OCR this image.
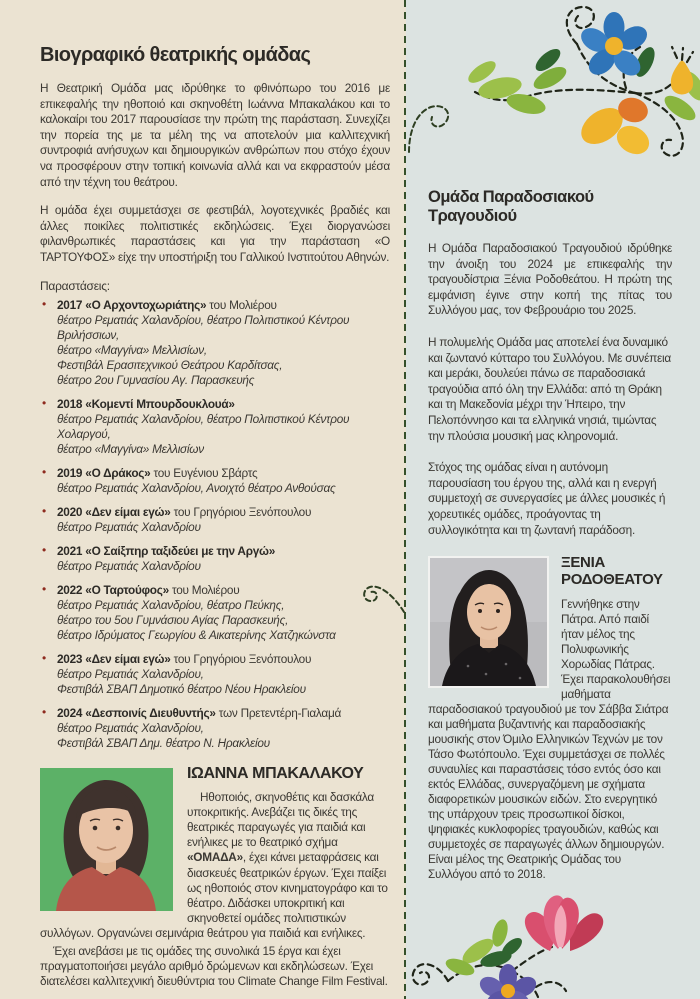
Βιογραφικό θεατρικής ομάδας

Η Θεατρική Ομάδα μας ιδρύθηκε το φθινόπωρο του 2016 με επικεφαλής την ηθοποιό και σκηνοθέτη Ιωάννα Μπακαλάκου και το καλοκαίρι του 2017 παρουσίασε την πρώτη της παράσταση. Συνεχίζει την πορεία της με τα μέλη της να αποτελούν μια καλλιτεχνική συντροφιά ανήσυχων και δημιουργικών ανθρώπων που στόχο έχουν να προσφέρουν στην τοπική κοινωνία αλλά και να εκφραστούν μέσα από την τέχνη του θεάτρου.

Η ομάδα έχει συμμετάσχει σε φεστιβάλ, λογοτεχνικές βραδιές και άλλες ποικίλες πολιτιστικές εκδηλώσεις. Έχει διοργανώσει φιλανθρωπικές παραστάσεις και για την παράσταση «Ο ΤΑΡΤΟΥΦΟΣ» είχε την υποστήριξη του Γαλλικού Ινστιτούτου Αθηνών.

Παραστάσεις:
• 2017 «Ο Αρχοντοχωριάτης» του Μολιέρου
θέατρο Ρεματιάς Χαλανδρίου, θέατρο Πολιτιστικού Κέντρου Βριλήσσιων,
θέατρο «Μαγγίνα» Μελλισίων,
Φεστιβάλ Ερασιτεχνικού Θεάτρου Καρδίτσας,
θέατρο 2ου Γυμνασίου Αγ. Παρασκευής
• 2018 «Κομεντί Μπουρδουκλουά»
θέατρο Ρεματιάς Χαλανδρίου, θέατρο Πολιτιστικού Κέντρου Χολαργού,
θέατρο «Μαγγίνα» Μελλισίων
• 2019 «Ο Δράκος» του Ευγένιου Σβάρτς
θέατρο Ρεματιάς Χαλανδρίου, Ανοιχτό θέατρο Ανθούσας
• 2020 «Δεν είμαι εγώ» του Γρηγόριου Ξενόπουλου
θέατρο Ρεματιάς Χαλανδρίου
• 2021 «Ο Σαίξπηρ ταξιδεύει με την Αργώ»
θέατρο Ρεματιάς Χαλανδρίου
• 2022 «Ο Ταρτούφος» του Μολιέρου
θέατρο Ρεματιάς Χαλανδρίου, θέατρο Πεύκης,
θέατρο του 5ου Γυμνάσιου Αγίας Παρασκευής,
θέατρο Ιδρύματος Γεωργίου & Αικατερίνης Χατζηκώνστα
• 2023 «Δεν είμαι εγώ» του Γρηγόριου Ξενόπουλου
θέατρο Ρεματιάς Χαλανδρίου,
Φεστιβάλ ΣΒΑΠ Δημοτικό θέατρο Νέου Ηρακλείου
• 2024 «Δεσποινίς Διευθυντής» των Πρετεντέρη-Γιαλαμά
θέατρο Ρεματιάς Χαλανδρίου,
Φεστιβάλ ΣΒΑΠ Δημ. θέατρο Ν. Ηρακλείου
ΙΩΑΝΝΑ ΜΠΑΚΑΛΑΚΟΥ

Ηθοποιός, σκηνοθέτις και δασκάλα υποκριτικής. Ανεβάζει τις δικές της θεατρικές παραγωγές για παιδιά και ενήλικες με το θεατρικό σχήμα «ΟΜΑΔΑ», έχει κάνει μεταφράσεις και διασκευές θεατρικών έργων. Έχει παίξει ως ηθοποιός στον κινηματογράφο και το θέατρο. Διδάσκει υποκριτική και σκηνοθετεί ομάδες πολιτιστικών συλλόγων. Οργανώνει σεμινάρια θεάτρου για παιδιά και ενήλικες.

Έχει ανεβάσει με τις ομάδες της συνολικά 15 έργα και έχει πραγματοποιήσει μεγάλο αριθμό δρώμενων και εκδηλώσεων. Έχει διατελέσει καλλιτεχνική διευθύντρια του Climate Change Film Festival.

Ομάδα Παραδοσιακού Τραγουδιού

Η Ομάδα Παραδοσιακού Τραγουδιού ιδρύθηκε την άνοιξη του 2024 με επικεφαλής την τραγουδίστρια Ξένια Ροδοθεάτου. Η πρώτη της εμφάνιση έγινε στην κοπή της πίτας του Συλλόγου μας, τον Φεβρουάριο του 2025.

Η πολυμελής Ομάδα μας αποτελεί ένα δυναμικό και ζωντανό κύτταρο του Συλλόγου. Με συνέπεια και μεράκι, δουλεύει πάνω σε παραδοσιακά τραγούδια από όλη την Ελλάδα: από τη Θράκη και τη Μακεδονία μέχρι την Ήπειρο, την Πελοπόννησο και τα ελληνικά νησιά, τιμώντας την πλούσια μουσική μας κληρονομιά.

Στόχος της ομάδας είναι η αυτόνομη παρουσίαση του έργου της, αλλά και η ενεργή συμμετοχή σε συνεργασίες με άλλες μουσικές ή χορευτικές ομάδες, προάγοντας τη συλλογικότητα και τη ζωντανή παράδοση.

ΞΕΝΙΑ ΡΟΔΟΘΕΑΤΟΥ
Γεννήθηκε στην Πάτρα. Από παιδί ήταν μέλος της Πολυφωνικής Χορωδίας Πάτρας. Έχει παρακολουθήσει μαθήματα παραδοσιακού τραγουδιού με τον Σάββα Σιάτρα και μαθήματα βυζαντινής και παραδοσιακής μουσικής στον Όμιλο Ελληνικών Τεχνών με τον Τάσο Φωτόπουλο. Έχει συμμετάσχει σε πολλές συναυλίες και παραστάσεις τόσο εντός όσο και εκτός Ελλάδας, συνεργαζόμενη με σχήματα διαφορετικών μουσικών ειδών. Στο ενεργητικό της υπάρχουν τρεις προσωπικοί δίσκοι, ψηφιακές κυκλοφορίες τραγουδιών, καθώς και συμμετοχές σε παραγωγές άλλων δημιουργών. Είναι μέλος της Θεατρικής Ομάδας του Συλλόγου από το 2018.
